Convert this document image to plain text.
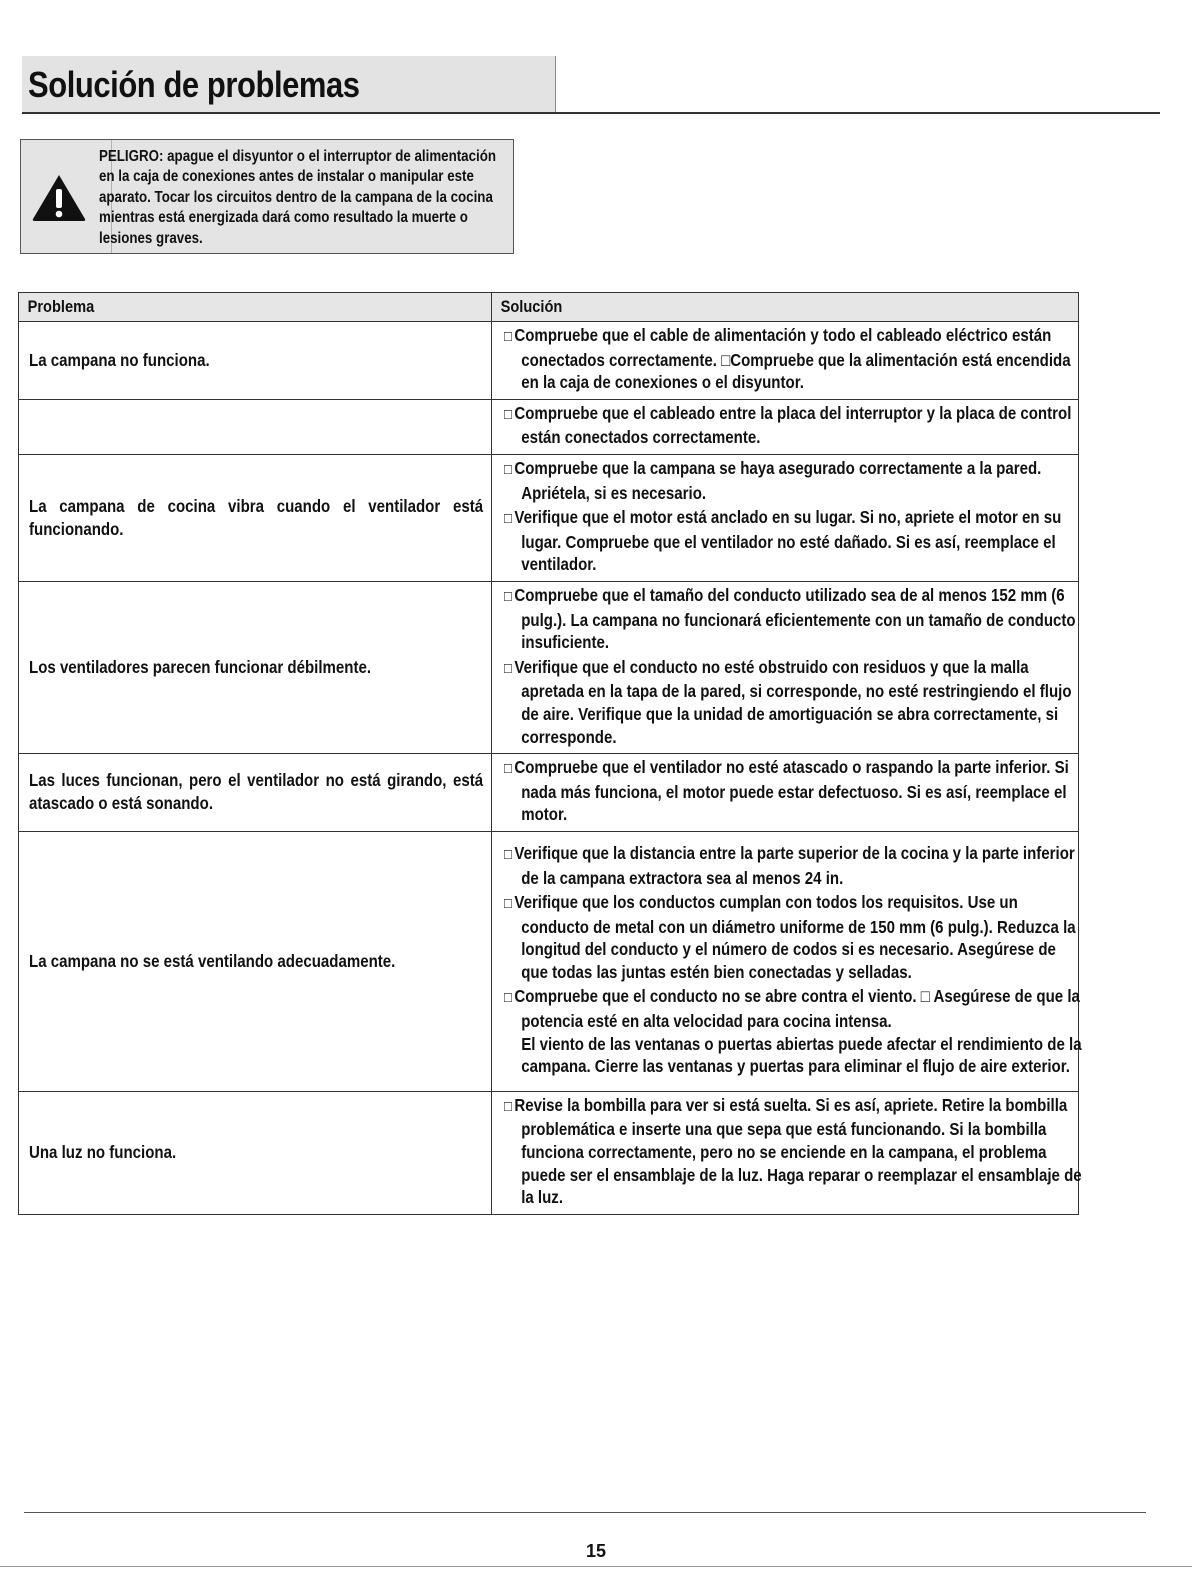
Solución de problemas
PELIGRO: apague el disyuntor o el interruptor de alimentación en la caja de conexiones antes de instalar o manipular este aparato. Tocar los circuitos dentro de la campana de la cocina mientras está energizada dará como resultado la muerte o lesiones graves.
Problema	Solución

La campana no funciona.	□ Compruebe que el cable de alimentación y todo el cableado eléctrico están conectados correctamente. □Compruebe que la alimentación está encendida en la caja de conexiones o el disyuntor.

	□ Compruebe que el cableado entre la placa del interruptor y la placa de control están conectados correctamente.

La campana de cocina vibra cuando el ventilador está funcionando.	□ Compruebe que la campana se haya asegurado correctamente a la pared. Apriétela, si es necesario.
□ Verifique que el motor está anclado en su lugar. Si no, apriete el motor en su lugar. Compruebe que el ventilador no esté dañado. Si es así, reemplace el ventilador.

Los ventiladores parecen funcionar débilmente.	□ Compruebe que el tamaño del conducto utilizado sea de al menos 152 mm (6 pulg.). La campana no funcionará eficientemente con un tamaño de conducto insuficiente.
□ Verifique que el conducto no esté obstruido con residuos y que la malla apretada en la tapa de la pared, si corresponde, no esté restringiendo el flujo de aire. Verifique que la unidad de amortiguación se abra correctamente, si corresponde.

Las luces funcionan, pero el ventilador no está girando, está atascado o está sonando.	□ Compruebe que el ventilador no esté atascado o raspando la parte inferior. Si nada más funciona, el motor puede estar defectuoso. Si es así, reemplace el motor.

La campana no se está ventilando adecuadamente.	□ Verifique que la distancia entre la parte superior de la cocina y la parte inferior de la campana extractora sea al menos 24 in.
□ Verifique que los conductos cumplan con todos los requisitos. Use un conducto de metal con un diámetro uniforme de 150 mm (6 pulg.). Reduzca la longitud del conducto y el número de codos si es necesario. Asegúrese de que todas las juntas estén bien conectadas y selladas.
□ Compruebe que el conducto no se abre contra el viento. □ Asegúrese de que la potencia esté en alta velocidad para cocina intensa.
El viento de las ventanas o puertas abiertas puede afectar el rendimiento de la campana. Cierre las ventanas y puertas para eliminar el flujo de aire exterior.

Una luz no funciona.	□ Revise la bombilla para ver si está suelta. Si es así, apriete. Retire la bombilla problemática e inserte una que sepa que está funcionando. Si la bombilla funciona correctamente, pero no se enciende en la campana, el problema puede ser el ensamblaje de la luz. Haga reparar o reemplazar el ensamblaje de la luz.
15
